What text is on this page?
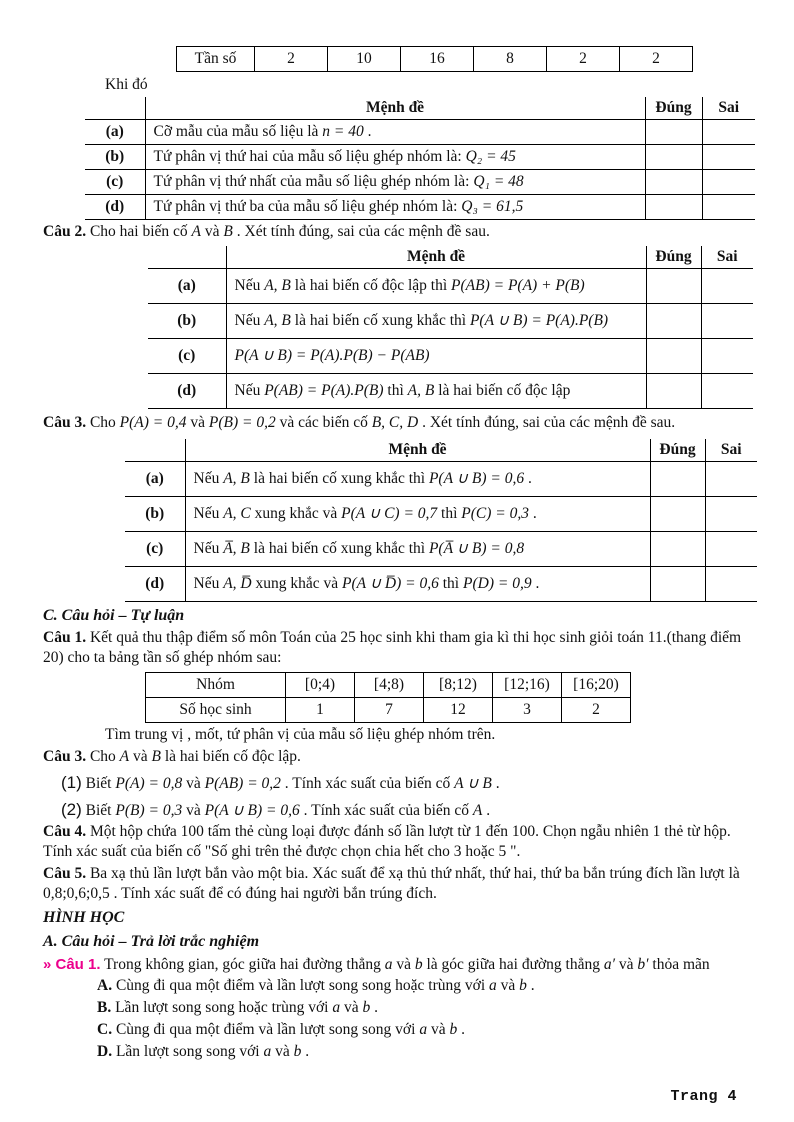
Tần số	2	10	16	8	2	2

Khi đó

	Mệnh đề	Đúng	Sai
(a)	Cỡ mẫu của mẫu số liệu là n = 40 .		
(b)	Tứ phân vị thứ hai của mẫu số liệu ghép nhóm là: Q₂ = 45		
(c)	Tứ phân vị thứ nhất của mẫu số liệu ghép nhóm là: Q₁ = 48		
(d)	Tứ phân vị thứ ba của mẫu số liệu ghép nhóm là: Q₃ = 61,5		

Câu 2. Cho hai biến cố A và B . Xét tính đúng, sai của các mệnh đề sau.

	Mệnh đề	Đúng	Sai
(a)	Nếu A, B là hai biến cố độc lập thì P(AB) = P(A) + P(B)		
(b)	Nếu A, B là hai biến cố xung khắc thì P(A ∪ B) = P(A).P(B)		
(c)	P(A ∪ B) = P(A).P(B) − P(AB)		
(d)	Nếu P(AB) = P(A).P(B) thì A, B là hai biến cố độc lập		

Câu 3. Cho P(A) = 0,4 và P(B) = 0,2 và các biến cố B, C, D . Xét tính đúng, sai của các mệnh đề sau.

	Mệnh đề	Đúng	Sai
(a)	Nếu A, B là hai biến cố xung khắc thì P(A ∪ B) = 0,6 .		
(b)	Nếu A, C xung khắc và P(A ∪ C) = 0,7 thì P(C) = 0,3 .		
(c)	Nếu A̅, B là hai biến cố xung khắc thì P(A̅ ∪ B) = 0,8		
(d)	Nếu A, D̅ xung khắc và P(A ∪ D̅) = 0,6 thì P(D) = 0,9 .		
C. Câu hỏi – Tự luận

Câu 1. Kết quả thu thập điểm số môn Toán của 25 học sinh khi tham gia kì thi học sinh giỏi toán 11.(thang điểm 20) cho ta bảng tần số ghép nhóm sau:

Nhóm	[0;4)	[4;8)	[8;12)	[12;16)	[16;20)
Số học sinh	1	7	12	3	2

Tìm trung vị , mốt, tứ phân vị của mẫu số liệu ghép nhóm trên.

Câu 3. Cho A và B là hai biến cố độc lập.

(1) Biết P(A) = 0,8 và P(AB) = 0,2 . Tính xác suất của biến cố A ∪ B .

(2) Biết P(B) = 0,3 và P(A ∪ B) = 0,6 . Tính xác suất của biến cố A .

Câu 4. Một hộp chứa 100 tấm thẻ cùng loại được đánh số lần lượt từ 1 đến 100. Chọn ngẫu nhiên 1 thẻ từ hộp. Tính xác suất của biến cố "Số ghi trên thẻ được chọn chia hết cho 3 hoặc 5 ".

Câu 5. Ba xạ thủ lần lượt bắn vào một bia. Xác suất để xạ thủ thứ nhất, thứ hai, thứ ba bắn trúng đích lần lượt là 0,8;0,6;0,5 . Tính xác suất để có đúng hai người bắn trúng đích.

HÌNH HỌC
A. Câu hỏi – Trả lời trắc nghiệm
» Câu 1. Trong không gian, góc giữa hai đường thẳng a và b là góc giữa hai đường thẳng a′ và b′ thỏa mãn

A. Cùng đi qua một điểm và lần lượt song song hoặc trùng với a và b .

B. Lần lượt song song hoặc trùng với a và b .

C. Cùng đi qua một điểm và lần lượt song song với a và b .

D. Lần lượt song song với a và b .

Trang 4
